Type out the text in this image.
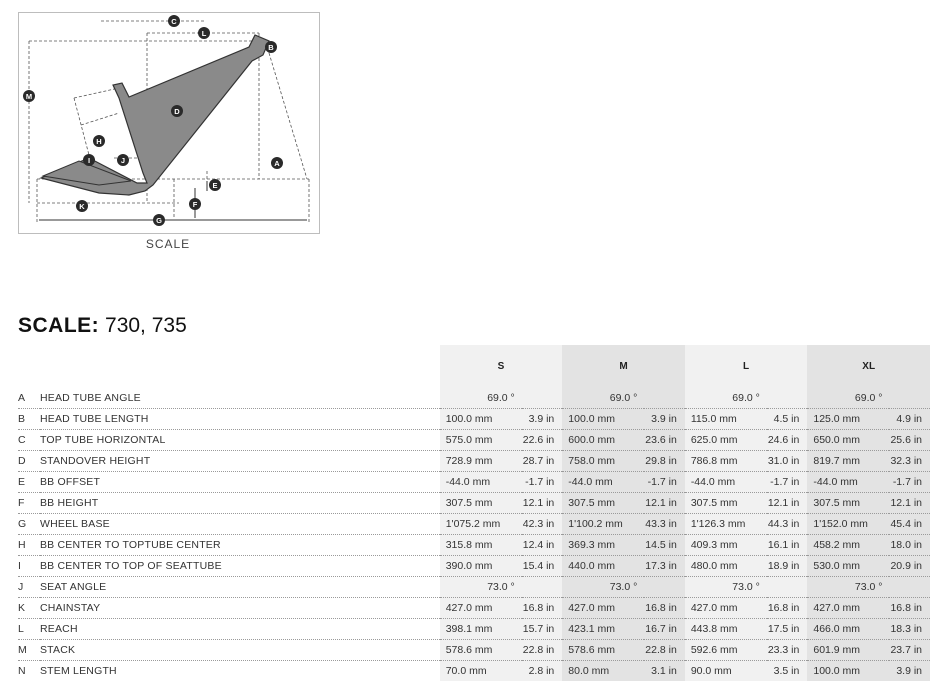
A
B
C
D
E
F
G
H
I	J
K
L
M
SCALE
SCALE: 730, 735
		S		M		L		XL	
A	HEAD TUBE ANGLE	69.0 °		69.0 °		69.0 °		69.0 °	
B	HEAD TUBE LENGTH	100.0 mm	3.9 in	100.0 mm	3.9 in	115.0 mm	4.5 in	125.0 mm	4.9 in
C	TOP TUBE HORIZONTAL	575.0 mm	22.6 in	600.0 mm	23.6 in	625.0 mm	24.6 in	650.0 mm	25.6 in
D	STANDOVER HEIGHT	728.9 mm	28.7 in	758.0 mm	29.8 in	786.8 mm	31.0 in	819.7 mm	32.3 in
E	BB OFFSET	-44.0 mm	-1.7 in	-44.0 mm	-1.7 in	-44.0 mm	-1.7 in	-44.0 mm	-1.7 in
F	BB HEIGHT	307.5 mm	12.1 in	307.5 mm	12.1 in	307.5 mm	12.1 in	307.5 mm	12.1 in
G	WHEEL BASE	1'075.2 mm	42.3 in	1'100.2 mm	43.3 in	1'126.3 mm	44.3 in	1'152.0 mm	45.4 in
H	BB CENTER TO TOPTUBE CENTER	315.8 mm	12.4 in	369.3 mm	14.5 in	409.3 mm	16.1 in	458.2 mm	18.0 in
I	BB CENTER TO TOP OF SEATTUBE	390.0 mm	15.4 in	440.0 mm	17.3 in	480.0 mm	18.9 in	530.0 mm	20.9 in
J	SEAT ANGLE	73.0 °		73.0 °		73.0 °		73.0 °	
K	CHAINSTAY	427.0 mm	16.8 in	427.0 mm	16.8 in	427.0 mm	16.8 in	427.0 mm	16.8 in
L	REACH	398.1 mm	15.7 in	423.1 mm	16.7 in	443.8 mm	17.5 in	466.0 mm	18.3 in
M	STACK	578.6 mm	22.8 in	578.6 mm	22.8 in	592.6 mm	23.3 in	601.9 mm	23.7 in
N	STEM LENGTH	70.0 mm	2.8 in	80.0 mm	3.1 in	90.0 mm	3.5 in	100.0 mm	3.9 in
